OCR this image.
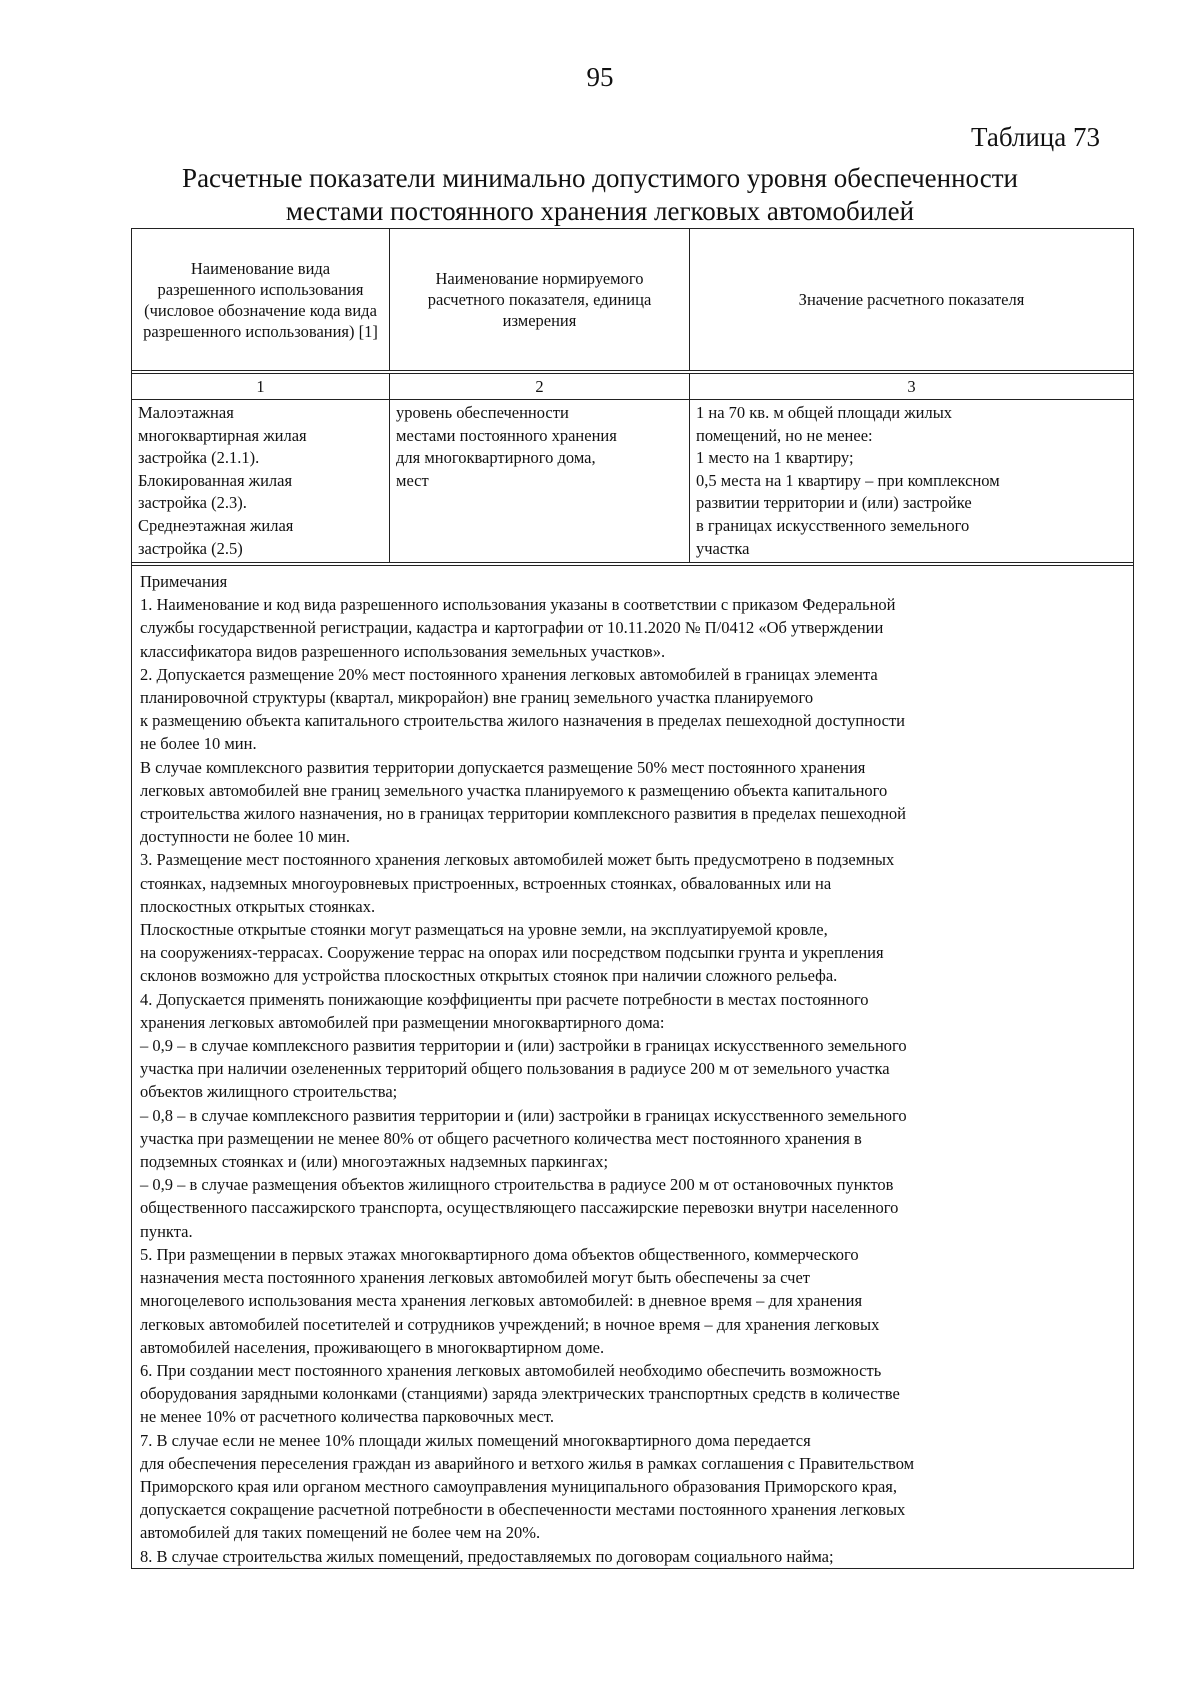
95
Таблица 73
Расчетные показатели минимально допустимого уровня обеспеченности
местами постоянного хранения легковых автомобилей
Наименование вида разрешенного использования (числовое обозначение кода вида разрешенного использования) [1]
Наименование нормируемого расчетного показателя, единица измерения
Значение расчетного показателя
1	2	3
Малоэтажная
многоквартирная жилая
застройка (2.1.1).
Блокированная жилая
застройка (2.3).
Среднеэтажная жилая
застройка (2.5)
уровень обеспеченности
местами постоянного хранения
для многоквартирного дома,
мест
1 на 70 кв. м общей площади жилых
помещений, но не менее:
1 место на 1 квартиру;
0,5 места на 1 квартиру – при комплексном
развитии территории и (или) застройке
в границах искусственного земельного
участка

Примечания

1. Наименование и код вида разрешенного использования указаны в соответствии с приказом Федеральной

службы государственной регистрации, кадастра и картографии от 10.11.2020 № П/0412 «Об утверждении

классификатора видов разрешенного использования земельных участков».

2. Допускается размещение 20% мест постоянного хранения легковых автомобилей в границах элемента

планировочной структуры (квартал, микрорайон) вне границ земельного участка планируемого

к размещению объекта капитального строительства жилого назначения в пределах пешеходной доступности

не более 10 мин.

В случае комплексного развития территории допускается размещение 50% мест постоянного хранения

легковых автомобилей вне границ земельного участка планируемого к размещению объекта капитального

строительства жилого назначения, но в границах территории комплексного развития в пределах пешеходной

доступности не более 10 мин.

3. Размещение мест постоянного хранения легковых автомобилей может быть предусмотрено в подземных

стоянках, надземных многоуровневых пристроенных, встроенных стоянках, обвалованных или на

плоскостных открытых стоянках.

Плоскостные открытые стоянки могут размещаться на уровне земли, на эксплуатируемой кровле,

на сооружениях-террасах. Сооружение террас на опорах или посредством подсыпки грунта и укрепления

склонов возможно для устройства плоскостных открытых стоянок при наличии сложного рельефа.

4. Допускается применять понижающие коэффициенты при расчете потребности в местах постоянного

хранения легковых автомобилей при размещении многоквартирного дома:

– 0,9 – в случае комплексного развития территории и (или) застройки в границах искусственного земельного

участка при наличии озелененных территорий общего пользования в радиусе 200 м от земельного участка

объектов жилищного строительства;

– 0,8 – в случае комплексного развития территории и (или) застройки в границах искусственного земельного

участка при размещении не менее 80% от общего расчетного количества мест постоянного хранения в

подземных стоянках и (или) многоэтажных надземных паркингах;

– 0,9 – в случае размещения объектов жилищного строительства в радиусе 200 м от остановочных пунктов

общественного пассажирского транспорта, осуществляющего пассажирские перевозки внутри населенного

пункта.

5. При размещении в первых этажах многоквартирного дома объектов общественного, коммерческого

назначения места постоянного хранения легковых автомобилей могут быть обеспечены за счет

многоцелевого использования места хранения легковых автомобилей: в дневное время – для хранения

легковых автомобилей посетителей и сотрудников учреждений; в ночное время – для хранения легковых

автомобилей населения, проживающего в многоквартирном доме.

6. При создании мест постоянного хранения легковых автомобилей необходимо обеспечить возможность

оборудования зарядными колонками (станциями) заряда электрических транспортных средств в количестве

не менее 10% от расчетного количества парковочных мест.

7. В случае если не менее 10% площади жилых помещений многоквартирного дома передается

для обеспечения переселения граждан из аварийного и ветхого жилья в рамках соглашения с Правительством

Приморского края или органом местного самоуправления муниципального образования Приморского края,

допускается сокращение расчетной потребности в обеспеченности местами постоянного хранения легковых

автомобилей для таких помещений не более чем на 20%.

8. В случае строительства жилых помещений, предоставляемых по договорам социального найма;
